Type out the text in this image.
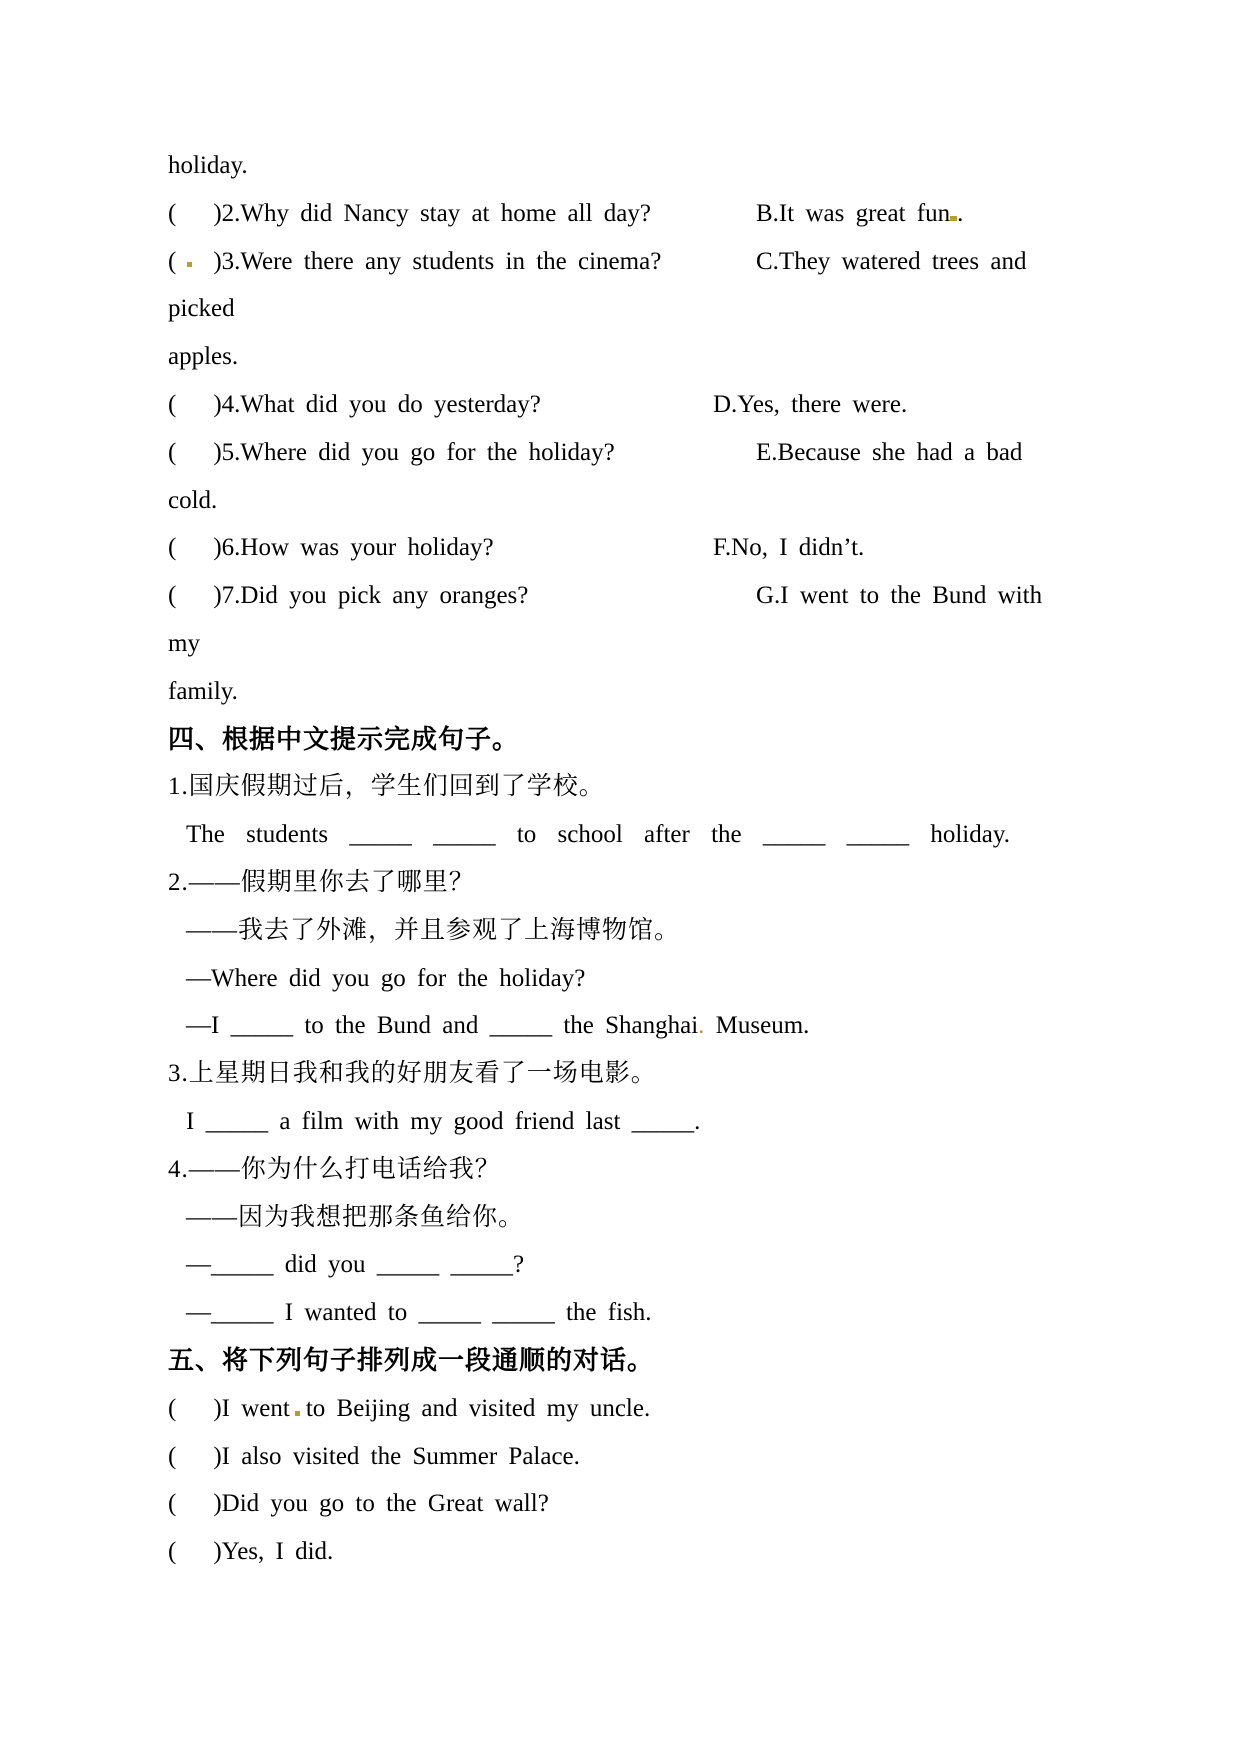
holiday.
( )2.Why did Nancy stay at home all day?	B.It was great fun .
( )3.Were there any students in the cinema?	C.They watered trees and
picked
apples.
( )4.What did you do yesterday?	D.Yes, there were.
( )5.Where did you go for the holiday?	E.Because she had a bad
cold.
( )6.How was your holiday?	F.No, I didn’t.
( )7.Did you pick any oranges?	G.I went to the Bund with
my
family.
四、根据中文提示完成句子。
1.国庆假期过后，学生们回到了学校。
The students _____ _____ to school after the _____ _____ holiday.
2.——假期里你去了哪里？
——我去了外滩，并且参观了上海博物馆。
—Where did you go for the holiday?
—I _____ to the Bund and _____ the Shanghai. Museum.
3.上星期日我和我的好朋友看了一场电影。
I _____ a film with my good friend last _____.
4.——你为什么打电话给我？
——因为我想把那条鱼给你。
—_____ did you _____ _____?
—_____ I wanted to _____ _____ the fish.
五、将下列句子排列成一段通顺的对话。
( )I went to Beijing and visited my uncle.
( )I also visited the Summer Palace.
( )Did you go to the Great wall?
( )Yes, I did.
